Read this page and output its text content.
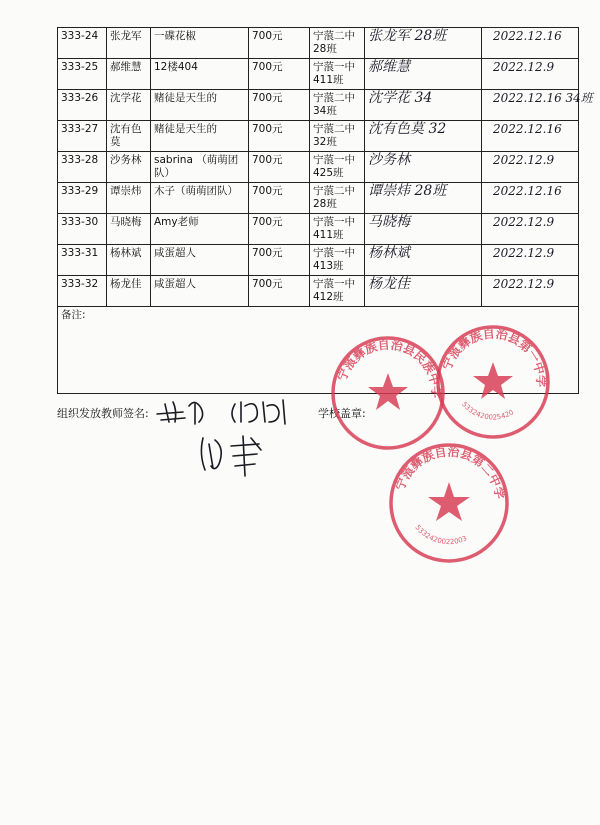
333-24	张龙军	一碟花椒	700元	宁蒗二中28班	张龙军 28班	2022.12.16
333-25	郝维慧	12楼404	700元	宁蒗一中411班	郝维慧	2022.12.9
333-26	沈学花	赌徒是天生的	700元	宁蒗二中34班	沈学花 34	2022.12.16 34班
333-27	沈有色莫	赌徒是天生的	700元	宁蒗二中32班	沈有色莫 32	2022.12.16
333-28	沙务林	sabrina （萌萌团队）	700元	宁蒗一中425班	沙务林	2022.12.9
333-29	谭崇炜	木子（萌萌团队）	700元	宁蒗二中28班	谭崇炜 28班	2022.12.16
333-30	马晓梅	Amy老师	700元	宁蒗一中411班	马晓梅	2022.12.9
333-31	杨林斌	咸蛋超人	700元	宁蒗一中413班	杨林斌	2022.12.9
333-32	杨龙佳	咸蛋超人	700元	宁蒗一中412班	杨龙佳	2022.12.9
备注:						
组织发放教师签名:	学校盖章:
宁蒗彝族自治县民族中学
宁蒗彝族自治县第一中学
5332420025420
宁蒗彝族自治县第二中学
5332420022003
